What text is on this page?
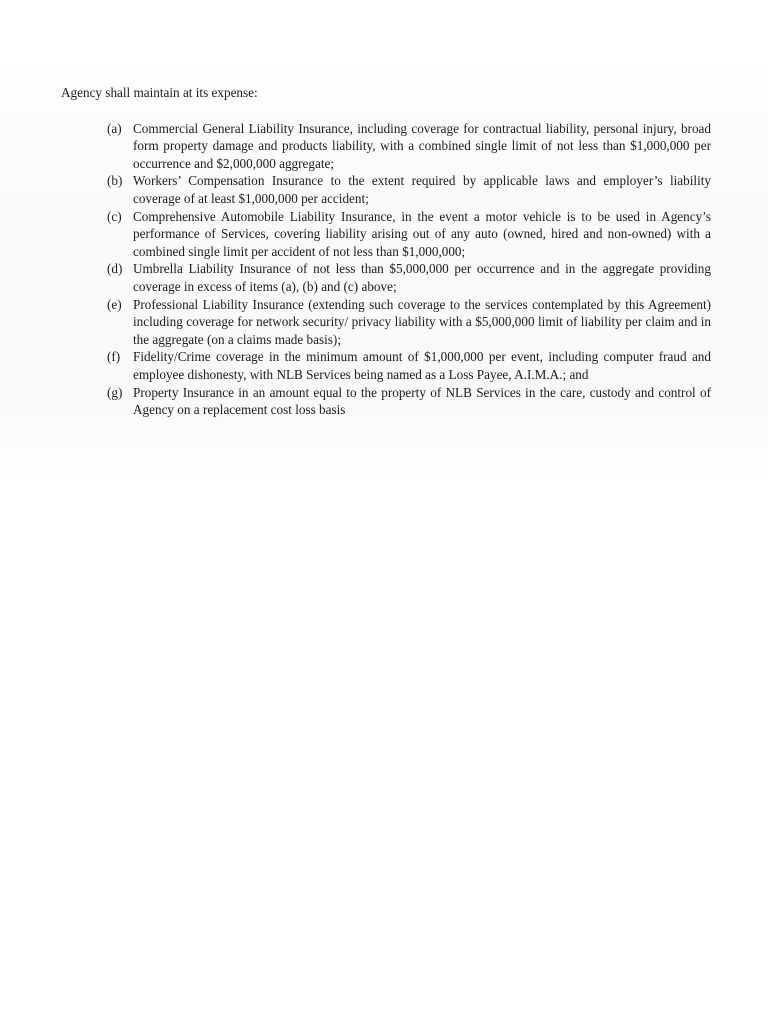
Agency shall maintain at its expense:

(a) Commercial General Liability Insurance, including coverage for contractual liability, personal injury, broad form property damage and products liability, with a combined single limit of not less than $1,000,000 per occurrence and $2,000,000 aggregate;
(b) Workers’ Compensation Insurance to the extent required by applicable laws and employer’s liability coverage of at least $1,000,000 per accident;
(c) Comprehensive Automobile Liability Insurance, in the event a motor vehicle is to be used in Agency’s performance of Services, covering liability arising out of any auto (owned, hired and non-owned) with a combined single limit per accident of not less than $1,000,000;
(d) Umbrella Liability Insurance of not less than $5,000,000 per occurrence and in the aggregate providing coverage in excess of items (a), (b) and (c) above;
(e) Professional Liability Insurance (extending such coverage to the services contemplated by this Agreement) including coverage for network security/ privacy liability with a $5,000,000 limit of liability per claim and in the aggregate (on a claims made basis);
(f) Fidelity/Crime coverage in the minimum amount of $1,000,000 per event, including computer fraud and employee dishonesty, with NLB Services being named as a Loss Payee, A.I.M.A.; and
(g) Property Insurance in an amount equal to the property of NLB Services in the care, custody and control of Agency on a replacement cost loss basis
